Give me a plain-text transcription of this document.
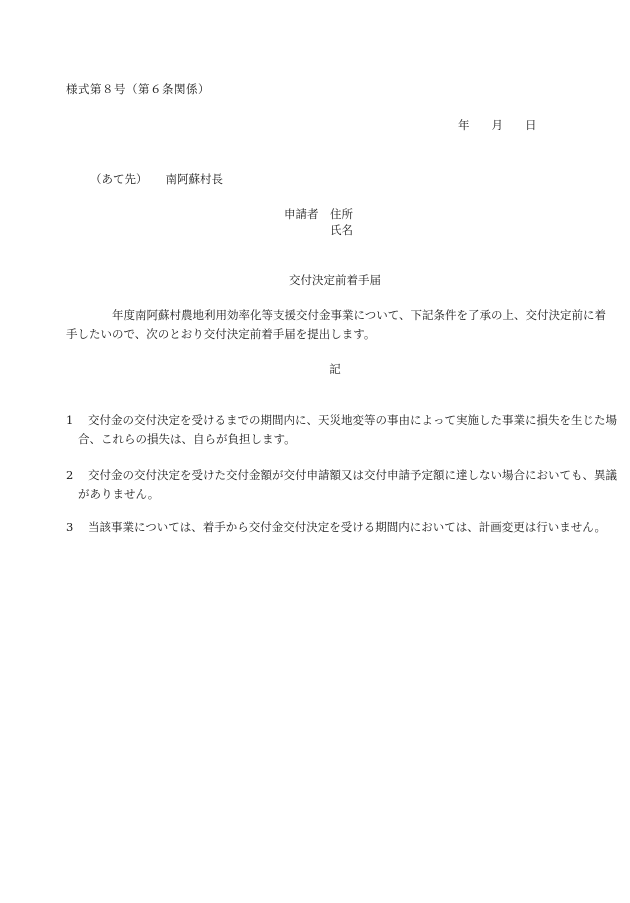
様式第８号（第６条関係）
年 月 日
（あて先） 南阿蘇村長
申請者 住所
氏名
交付決定前着手届
年度南阿蘇村農地利用効率化等支援交付金事業について、下記条件を了承の上、交付決定前に着手したいので、次のとおり交付決定前着手届を提出します。
記
1 交付金の交付決定を受けるまでの期間内に、天災地変等の事由によって実施した事業に損失を生じた場合、これらの損失は、自らが負担します。
2 交付金の交付決定を受けた交付金額が交付申請額又は交付申請予定額に達しない場合においても、異議がありません。
3 当該事業については、着手から交付金交付決定を受ける期間内においては、計画変更は行いません。
